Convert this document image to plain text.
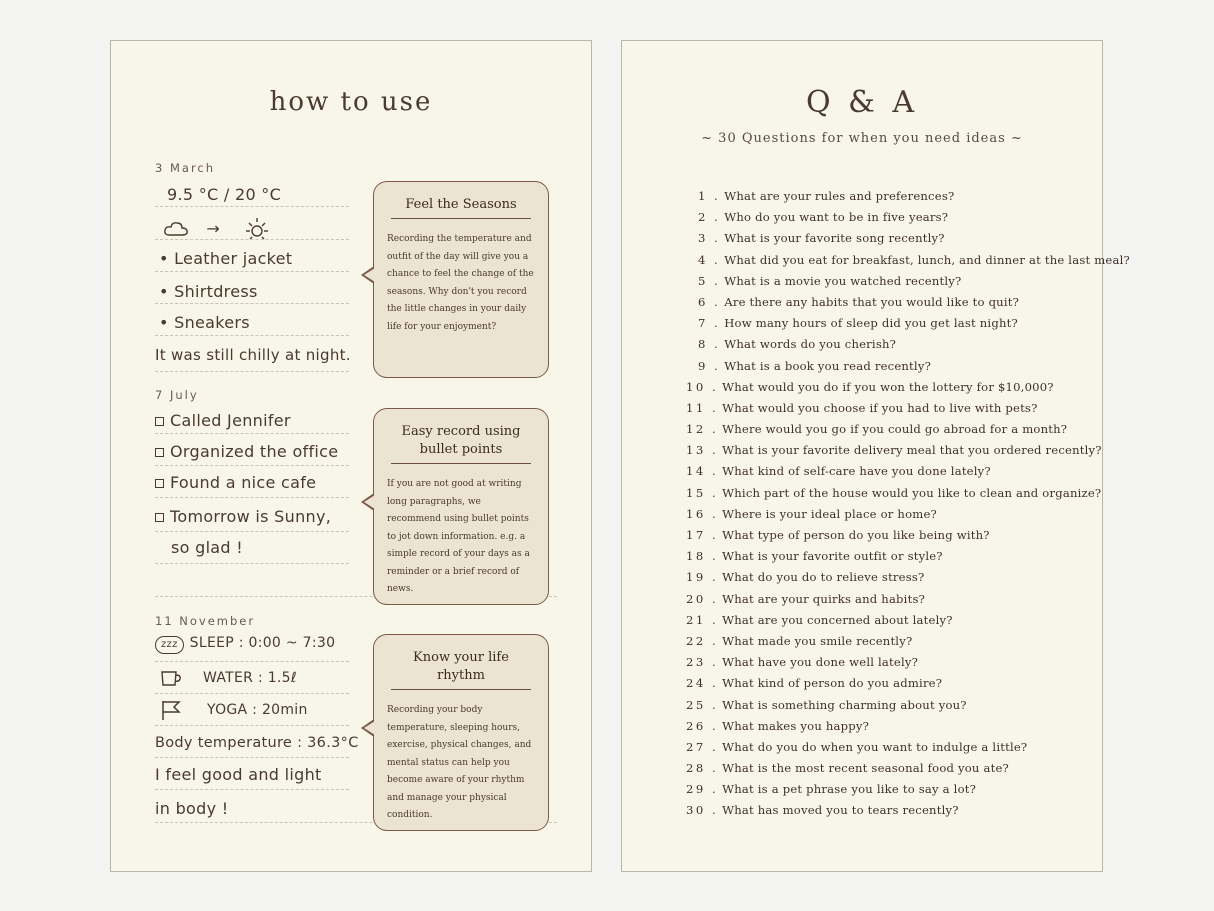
how to use
3 March
9.5 °C / 20 °C
→
• Leather jacket
• Shirtdress
• Sneakers
It was still chilly at night.
Feel the Seasons
Recording the temperature and outfit of the day will give you a chance to feel the change of the seasons. Why don't you record the little changes in your daily life for your enjoyment?
7 July
Called Jennifer
Organized the office
Found a nice cafe
Tomorrow is Sunny,
so glad !
Easy record using bullet points
If you are not good at writing long paragraphs, we recommend using bullet points to jot down information. e.g. a simple record of your days as a reminder or a brief record of news.
11 November
zzz SLEEP : 0:00 ~ 7:30
WATER : 1.5ℓ
YOGA : 20min
Body temperature : 36.3°C
I feel good and light
in body !
Know your life rhythm
Recording your body temperature, sleeping hours, exercise, physical changes, and mental status can help you become aware of your rhythm and manage your physical condition.
Q & A
~ 30 Questions for when you need ideas ~
1 . What are your rules and preferences?
2 . Who do you want to be in five years?
3 . What is your favorite song recently?
4 . What did you eat for breakfast, lunch, and dinner at the last meal?
5 . What is a movie you watched recently?
6 . Are there any habits that you would like to quit?
7 . How many hours of sleep did you get last night?
8 . What words do you cherish?
9 . What is a book you read recently?
10 . What would you do if you won the lottery for $10,000?
11 . What would you choose if you had to live with pets?
12 . Where would you go if you could go abroad for a month?
13 . What is your favorite delivery meal that you ordered recently?
14 . What kind of self-care have you done lately?
15 . Which part of the house would you like to clean and organize?
16 . Where is your ideal place or home?
17 . What type of person do you like being with?
18 . What is your favorite outfit or style?
19 . What do you do to relieve stress?
20 . What are your quirks and habits?
21 . What are you concerned about lately?
22 . What made you smile recently?
23 . What have you done well lately?
24 . What kind of person do you admire?
25 . What is something charming about you?
26 . What makes you happy?
27 . What do you do when you want to indulge a little?
28 . What is the most recent seasonal food you ate?
29 . What is a pet phrase you like to say a lot?
30 . What has moved you to tears recently?
